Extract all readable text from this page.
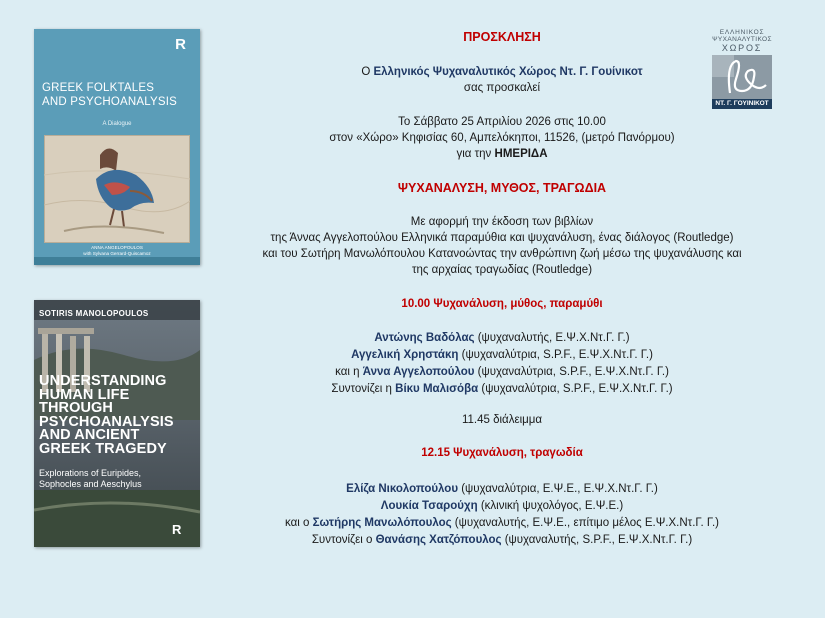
R
GREEK FOLKTALES
AND PSYCHOANALYSIS
A Dialogue
ANNA ANGELOPOULOS
with Sylvana Gerrard-Quiscamoz
SOTIRIS MANOLOPOULOS
UNDERSTANDING
HUMAN LIFE
THROUGH
PSYCHOANALYSIS
AND ANCIENT
GREEK TRAGEDY
Explorations of Euripides,
Sophocles and Aeschylus
R
ΕΛΛΗΝΙΚΟΣ
ΨΥΧΑΝΑΛΥΤΙΚΟΣ
ΧΩΡΟΣ
ΝΤ. Γ. ΓΟΥΙΝΙΚΟΤ
ΠΡΟΣΚΛΗΣΗ
Ο Ελληνικός Ψυχαναλυτικός Χώρος Ντ. Γ. Γουίνικοτ
σας προσκαλεί
Το Σάββατο 25 Απριλίου 2026 στις 10.00
στον «Χώρο» Κηφισίας 60, Αμπελόκηποι, 11526, (μετρό Πανόρμου)
για την ΗΜΕΡΙΔΑ
ΨΥΧΑΝΑΛΥΣΗ, ΜΥΘΟΣ, ΤΡΑΓΩΔΙΑ
Με αφορμή την έκδοση των βιβλίων
της Άννας Αγγελοπούλου Ελληνικά παραμύθια και ψυχανάλυση, ένας διάλογος (Routledge)
και του Σωτήρη Μανωλόπουλου Κατανοώντας την ανθρώπινη ζωή μέσω της ψυχανάλυσης και
της αρχαίας τραγωδίας (Routledge)
10.00 Ψυχανάλυση, μύθος, παραμύθι
Αντώνης Βαδόλας (ψυχαναλυτής, Ε.Ψ.Χ.Ντ.Γ. Γ.)
Αγγελική Χρηστάκη (ψυχαναλύτρια, S.P.F., Ε.Ψ.Χ.Ντ.Γ. Γ.)
και η Άννα Αγγελοπούλου (ψυχαναλύτρια, S.P.F., Ε.Ψ.Χ.Ντ.Γ. Γ.)
Συντονίζει η Βίκυ Μαλισόβα (ψυχαναλύτρια, S.P.F., Ε.Ψ.Χ.Ντ.Γ. Γ.)
11.45 διάλειμμα
12.15 Ψυχανάλυση, τραγωδία
Ελίζα Νικολοπούλου (ψυχαναλύτρια, Ε.Ψ.Ε., Ε.Ψ.Χ.Ντ.Γ. Γ.)
Λουκία Τσαρούχη (κλινική ψυχολόγος, Ε.Ψ.Ε.)
και ο Σωτήρης Μανωλόπουλος (ψυχαναλυτής, Ε.Ψ.Ε., επίτιμο μέλος Ε.Ψ.Χ.Ντ.Γ. Γ.)
Συντονίζει ο Θανάσης Χατζόπουλος (ψυχαναλυτής, S.P.F., Ε.Ψ.Χ.Ντ.Γ. Γ.)
